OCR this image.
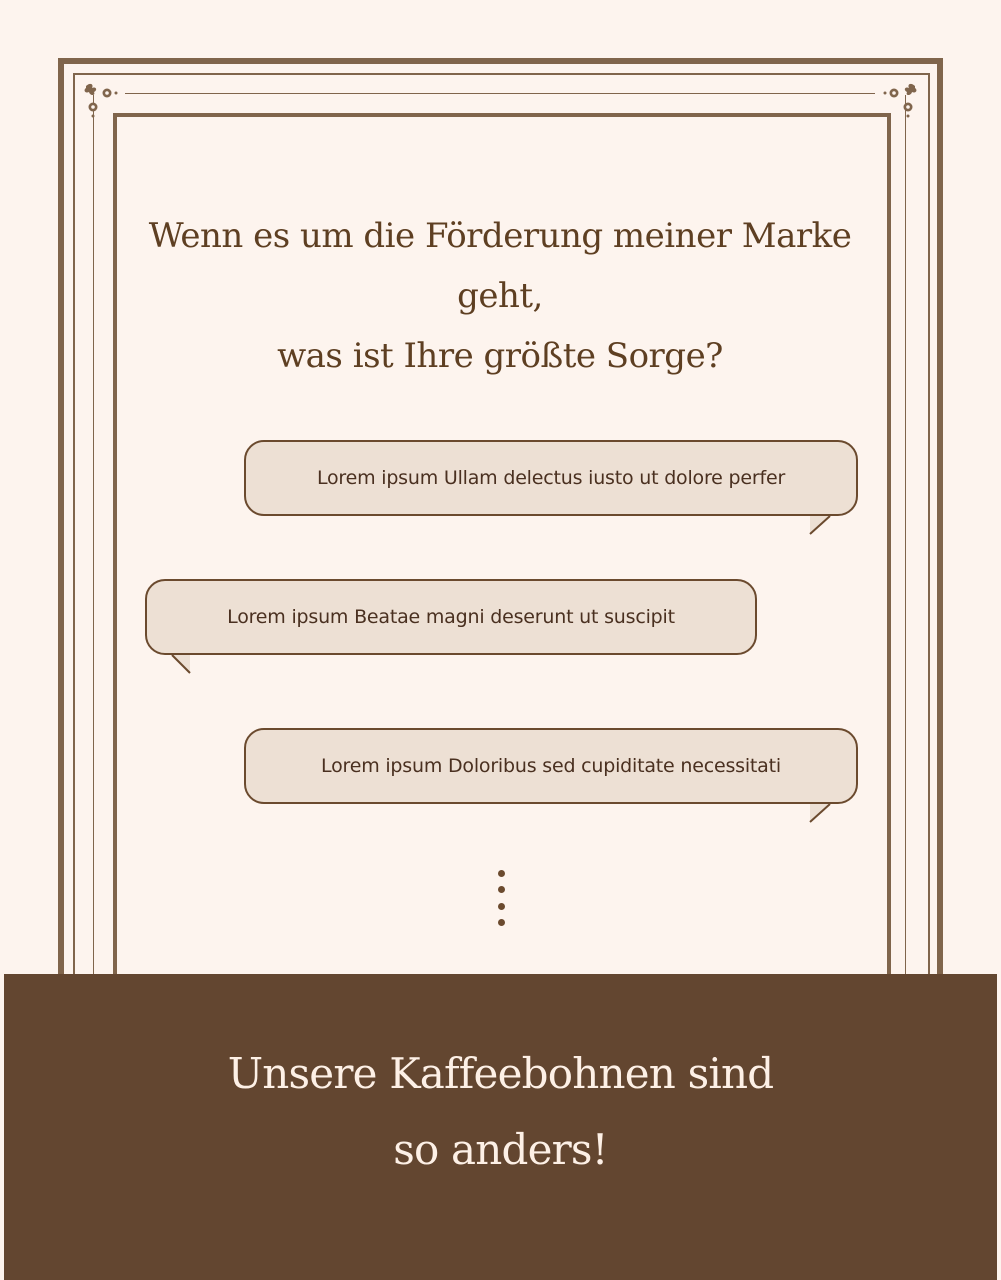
Wenn es um die Förderung meiner Marke geht,
was ist Ihre größte Sorge?
Lorem ipsum Ullam delectus iusto ut dolore perfer
Lorem ipsum Beatae magni deserunt ut suscipit
Lorem ipsum Doloribus sed cupiditate necessitati
Unsere Kaffeebohnen sind
so anders!
